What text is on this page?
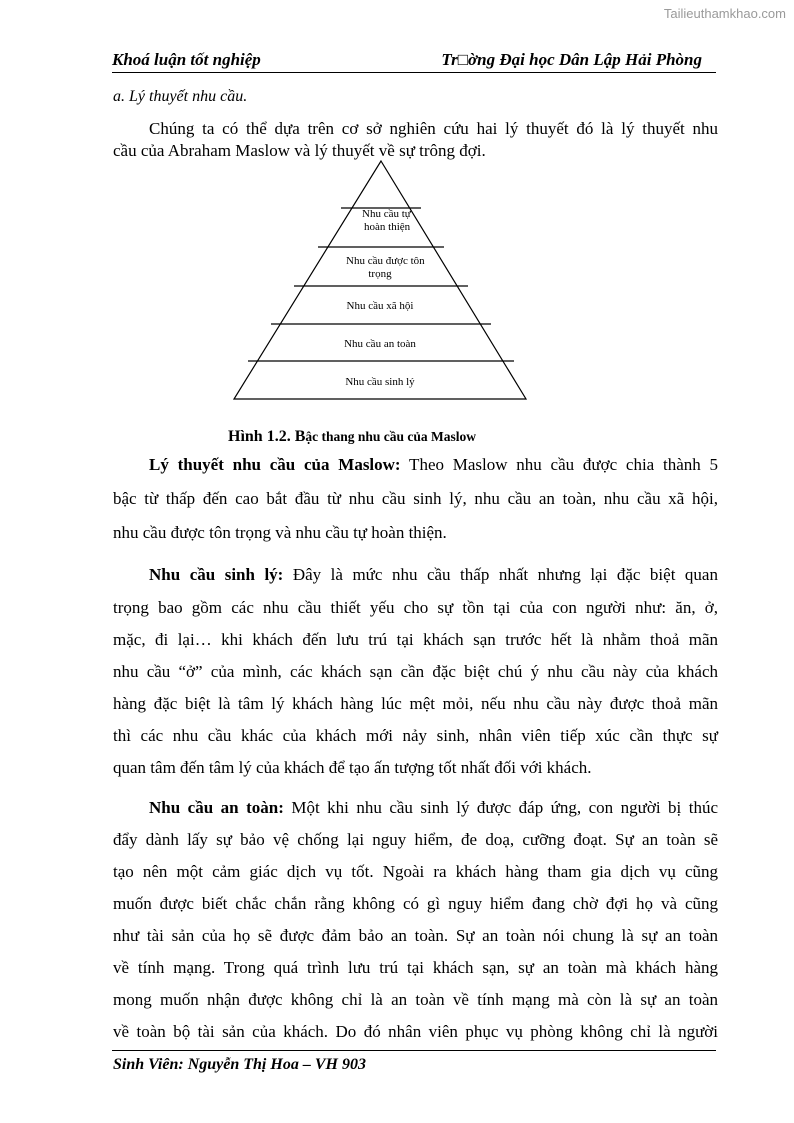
Tailieuthamkhao.com
Khoá luận tốt nghiệp	Tr□ờng Đại học Dân Lập Hải Phòng
a. Lý thuyết nhu cầu.

Chúng ta có thể dựa trên cơ sở nghiên cứu hai lý thuyết đó là lý thuyết nhu

cầu của Abraham Maslow và lý thuyết về sự trông đợi.

Nhu cầu tự
hoàn thiện
Nhu cầu được tôn
trọng
Nhu cầu xã hội
Nhu cầu an toàn
Nhu cầu sinh lý
Hình 1.2. Bậc thang nhu cầu của Maslow

Lý thuyết nhu cầu của Maslow: Theo Maslow nhu cầu được chia thành 5

bậc từ thấp đến cao bắt đầu từ nhu cầu sinh lý, nhu cầu an toàn, nhu cầu xã hội,

nhu cầu được tôn trọng và nhu cầu tự hoàn thiện.

Nhu cầu sinh lý: Đây là mức nhu cầu thấp nhất nhưng lại đặc biệt quan

trọng bao gồm các nhu cầu thiết yếu cho sự tồn tại của con người như: ăn, ở,

mặc, đi lại… khi khách đến lưu trú tại khách sạn trước hết là nhằm thoả mãn

nhu cầu “ở” của mình, các khách sạn cần đặc biệt chú ý nhu cầu này của khách

hàng đặc biệt là tâm lý khách hàng lúc mệt mỏi, nếu nhu cầu này được thoả mãn

thì các nhu cầu khác của khách mới nảy sinh, nhân viên tiếp xúc cần thực sự

quan tâm đến tâm lý của khách để tạo ấn tượng tốt nhất đối với khách.

Nhu cầu an toàn: Một khi nhu cầu sinh lý được đáp ứng, con người bị thúc

đẩy dành lấy sự bảo vệ chống lại nguy hiểm, đe doạ, cưỡng đoạt. Sự an toàn sẽ

tạo nên một cảm giác dịch vụ tốt. Ngoài ra khách hàng tham gia dịch vụ cũng

muốn được biết chắc chắn rằng không có gì nguy hiểm đang chờ đợi họ và cũng

như tài sản của họ sẽ được đảm bảo an toàn. Sự an toàn nói chung là sự an toàn

về tính mạng. Trong quá trình lưu trú tại khách sạn, sự an toàn mà khách hàng

mong muốn nhận được không chỉ là an toàn về tính mạng mà còn là sự an toàn

về toàn bộ tài sản của khách. Do đó nhân viên phục vụ phòng không chỉ là người

Sinh Viên: Nguyễn Thị Hoa – VH 903
